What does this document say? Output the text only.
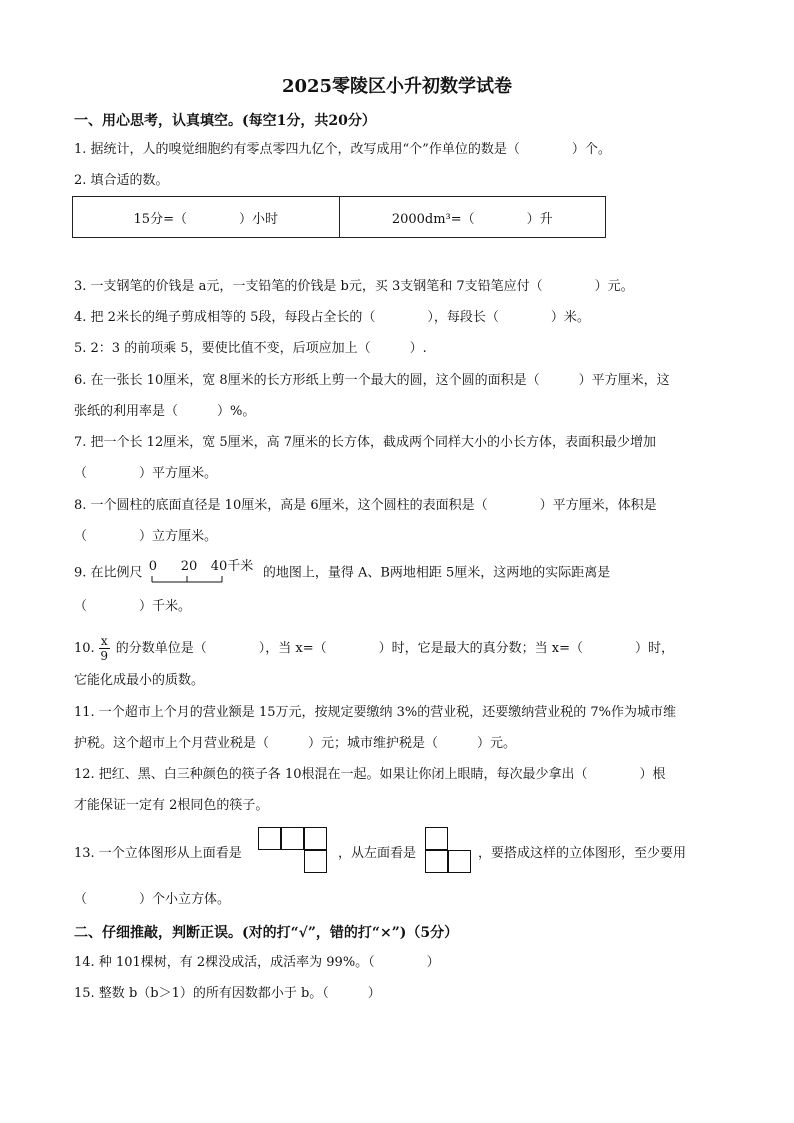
2025零陵区小升初数学试卷
一、用心思考，认真填空。(每空1分，共20分）
1. 据统计，人的嗅觉细胞约有零点零四九亿个，改写成用“个”作单位的数是（　　　　）个。
2. 填合适的数。
15分=（　　　　）小时	2000dm³=（　　　　）升
3. 一支钢笔的价钱是 a元，一支铅笔的价钱是 b元，买 3支钢笔和 7支铅笔应付（　　　　）元。
4. 把 2米长的绳子剪成相等的 5段，每段占全长的（　　　　），每段长（　　　　）米。
5. 2：3 的前项乘 5，要使比值不变，后项应加上（　　　）.
6. 在一张长 10厘米，宽 8厘米的长方形纸上剪一个最大的圆，这个圆的面积是（　　　）平方厘米，这
张纸的利用率是（　　　）%。
7. 把一个长 12厘米，宽 5厘米，高 7厘米的长方体，截成两个同样大小的小长方体，表面积最少增加
（　　　　）平方厘米。
8. 一个圆柱的底面直径是 10厘米，高是 6厘米，这个圆柱的表面积是（　　　　）平方厘米，体积是
（　　　　）立方厘米。
9. 在比例尺 0 20 40千米 的地图上，量得 A、B两地相距 5厘米，这两地的实际距离是
（　　　　）千米。
10. $\frac{x}{9}$ 的分数单位是（　　　　），当 x=（　　　　）时，它是最大的真分数；当 x=（　　　　）时，
它能化成最小的质数。
11. 一个超市上个月的营业额是 15万元，按规定要缴纳 3%的营业税，还要缴纳营业税的 7%作为城市维
护税。这个超市上个月营业税是（　　　）元；城市维护税是（　　　）元。
12. 把红、黑、白三种颜色的筷子各 10根混在一起。如果让你闭上眼睛，每次最少拿出（　　　　）根
才能保证一定有 2根同色的筷子。
13. 一个立体图形从上面看是	，从左面看是	，要搭成这样的立体图形，至少要用
（　　　　）个小立方体。
二、仔细推敲，判断正误。(对的打“√”，错的打“×”)（5分）
14. 种 101棵树，有 2棵没成活，成活率为 99%。（　　　　）
15. 整数 b（b＞1）的所有因数都小于 b。（　　　）
